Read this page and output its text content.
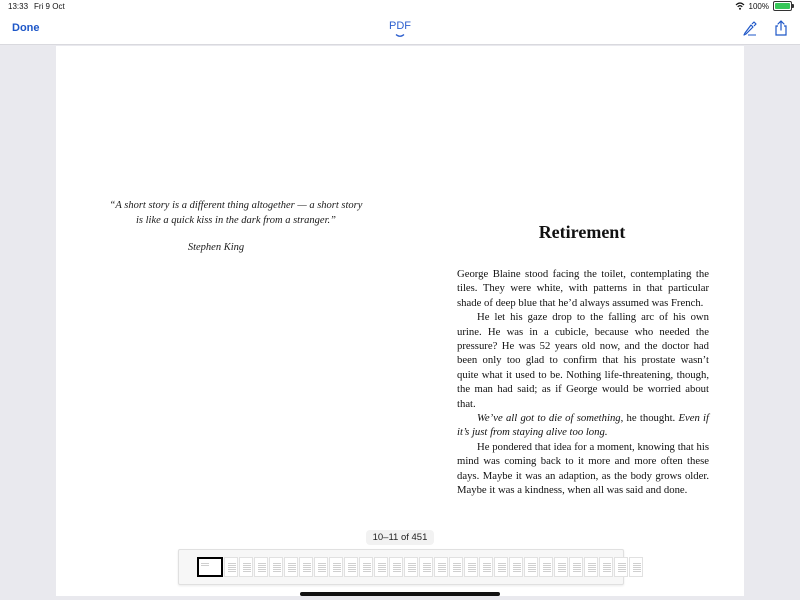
13:33 Fri 9 Oct	100%
Done	PDF
“A short story is a different thing altogether — a short story
is like a quick kiss in the dark from a stranger.”
Stephen King
Retirement

George Blaine stood facing the toilet, contemplating the tiles. They were white, with patterns in that particular shade of deep blue that he’d always assumed was French.

He let his gaze drop to the falling arc of his own urine. He was in a cubicle, because who needed the pressure? He was 52 years old now, and the doctor had been only too glad to confirm that his prostate wasn’t quite what it used to be. Nothing life-threatening, though, the man had said; as if George would be worried about that.

We’ve all got to die of something, he thought. Even if it’s just from staying alive too long.

He pondered that idea for a moment, knowing that his mind was coming back to it more and more often these days. Maybe it was an adaption, as the body grows older. Maybe it was a kindness, when all was said and done.

10–11 of 451
